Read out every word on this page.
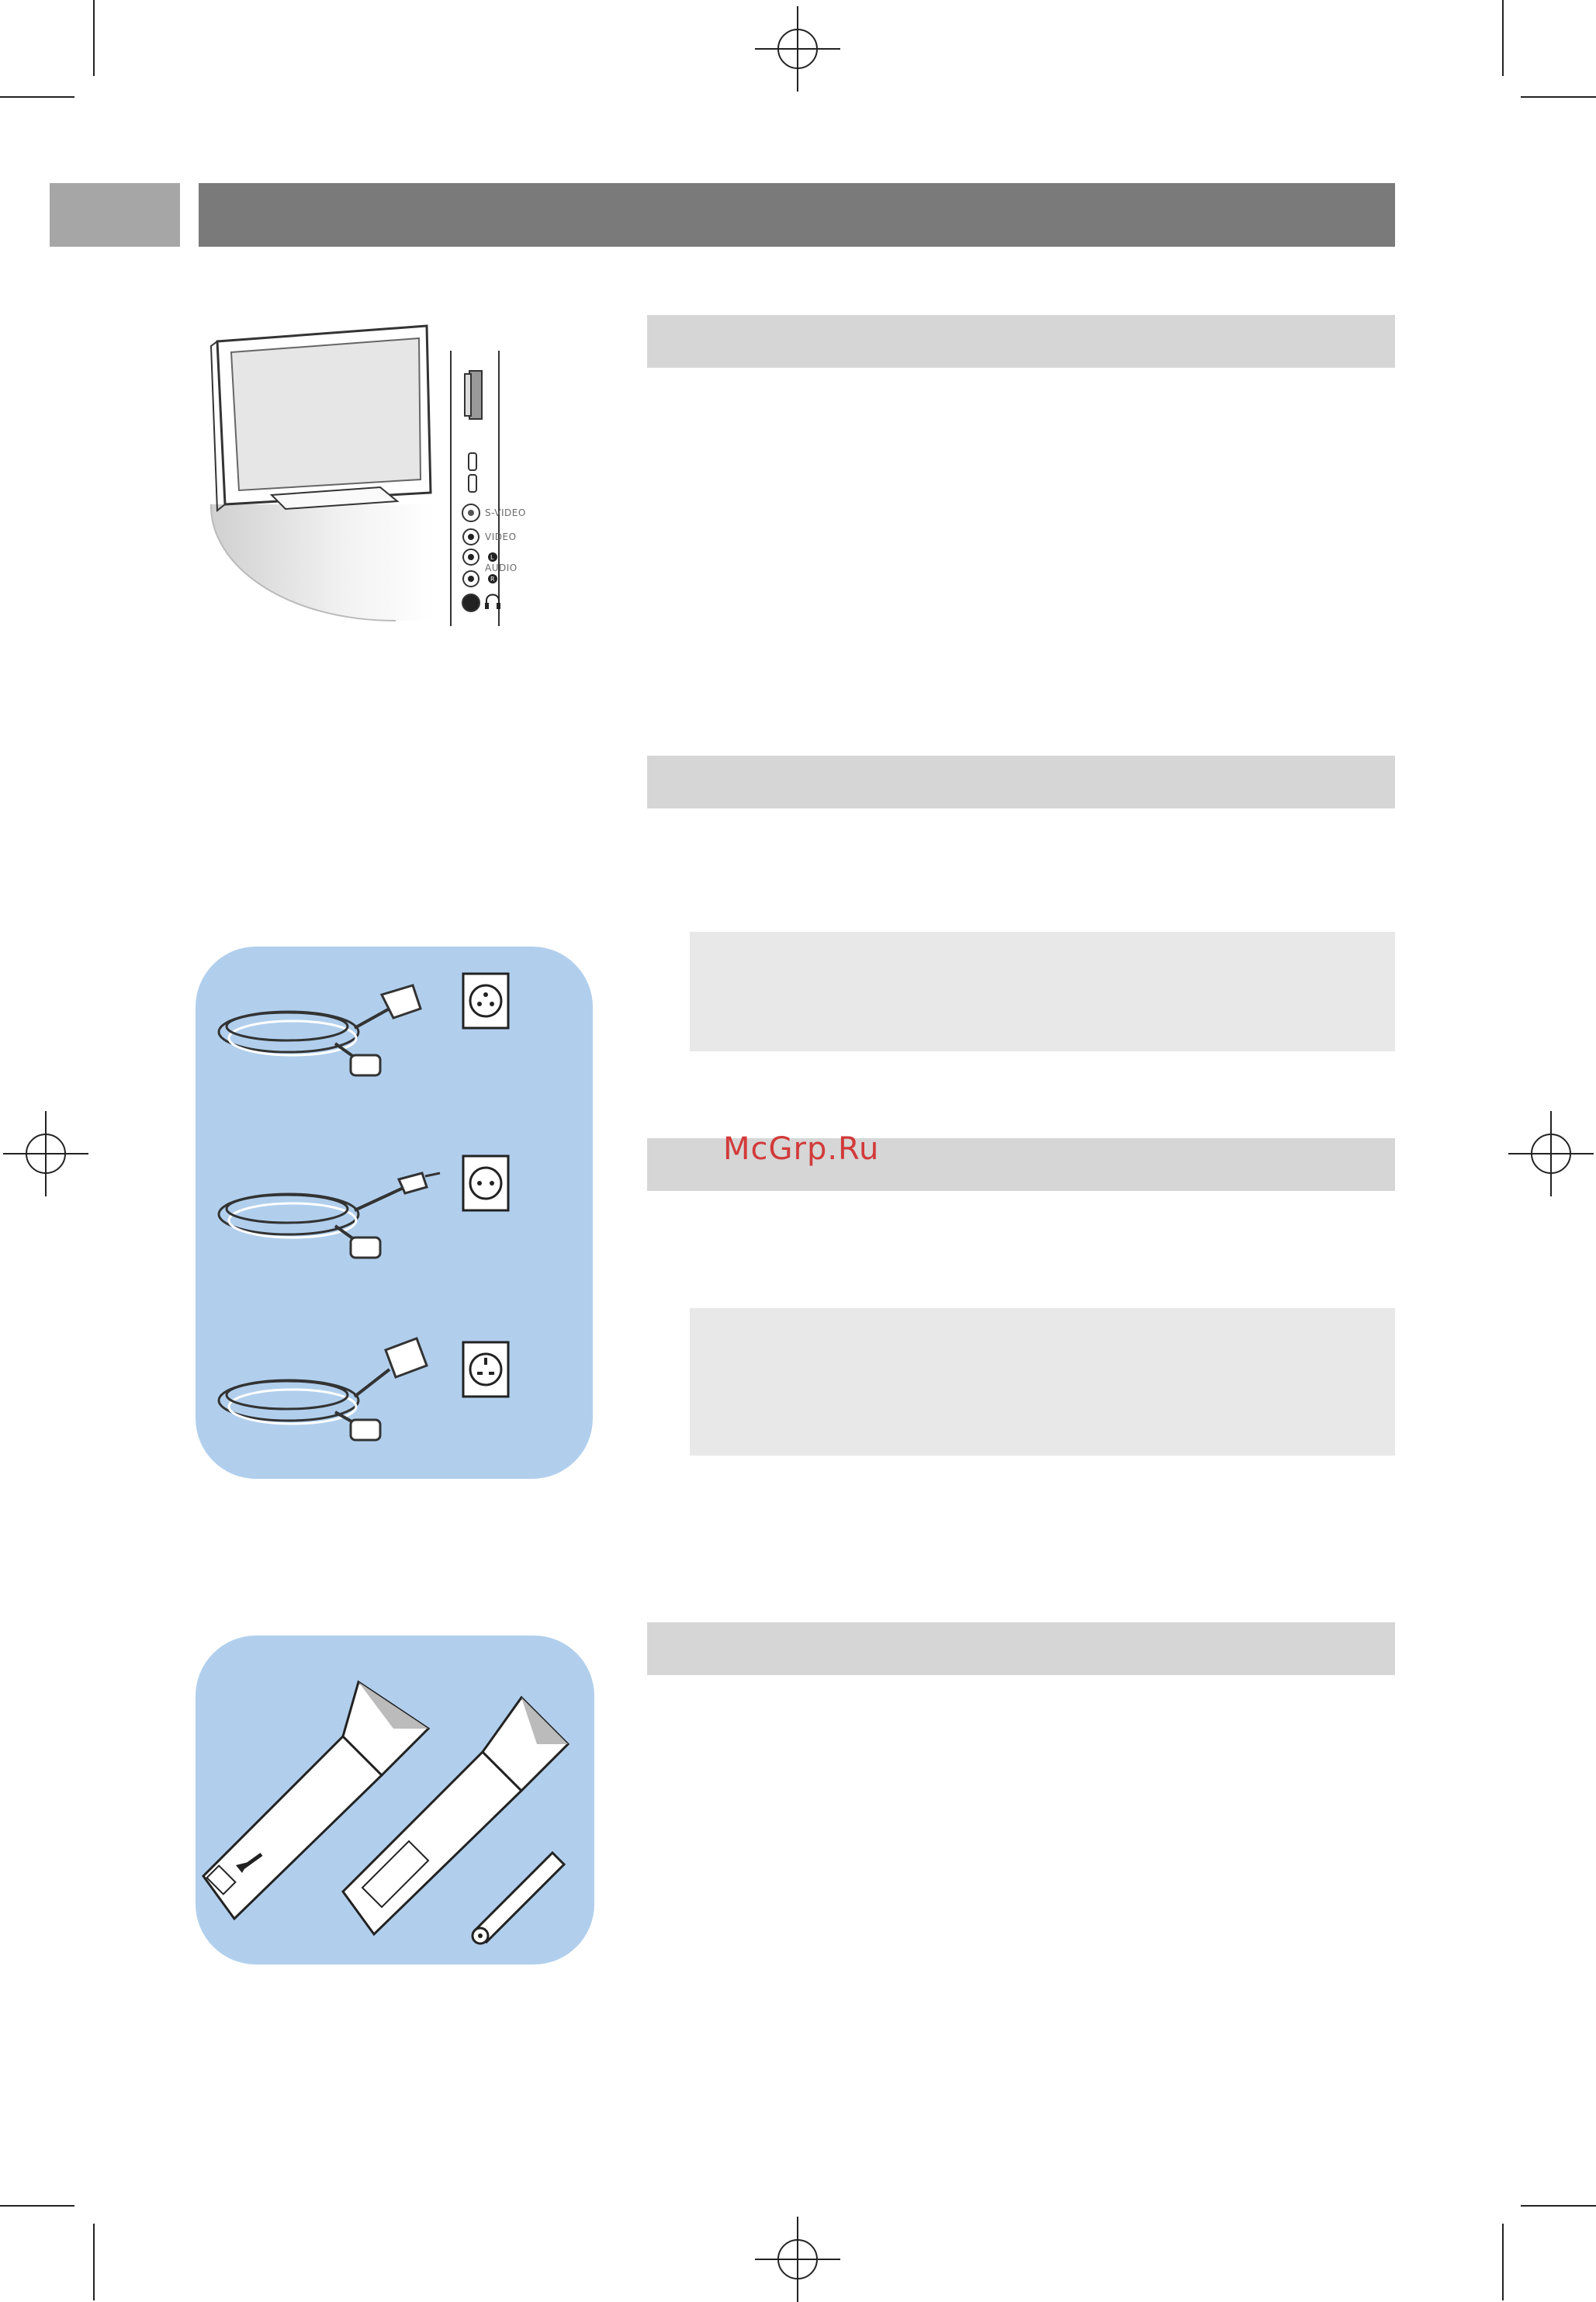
S-VIDEO
VIDEO
L
AUDIO
R
McGrp.Ru
